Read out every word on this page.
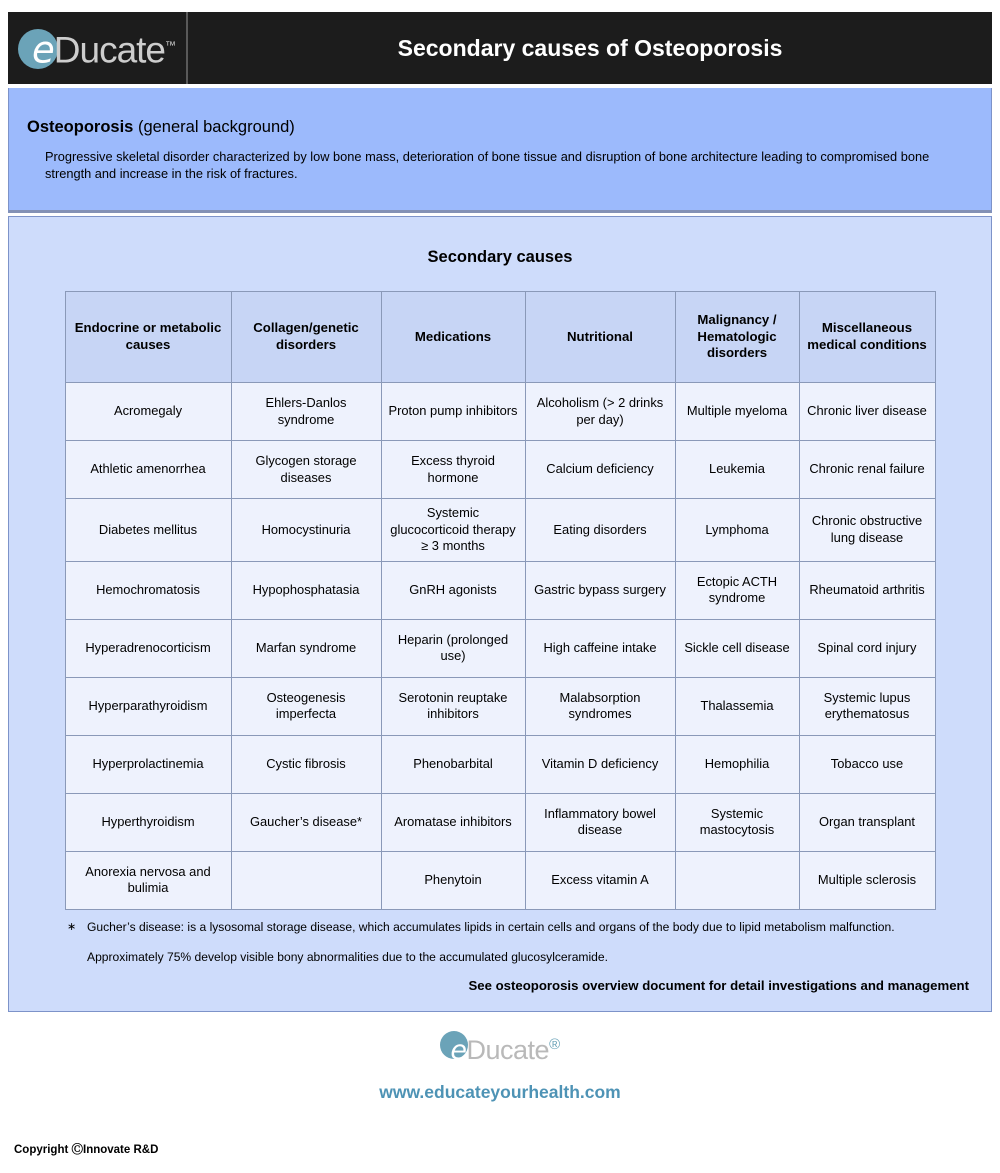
eDucate™	Secondary causes of Osteoporosis
Osteoporosis (general background)
Progressive skeletal disorder characterized by low bone mass, deterioration of bone tissue and disruption of bone architecture leading to compromised bone strength and increase in the risk of fractures.
Secondary causes
Endocrine or metabolic causes	Collagen/genetic disorders	Medications	Nutritional	Malignancy / Hematologic disorders	Miscellaneous medical conditions
Acromegaly	Ehlers-Danlos syndrome	Proton pump inhibitors	Alcoholism (> 2 drinks per day)	Multiple myeloma	Chronic liver disease
Athletic amenorrhea	Glycogen storage diseases	Excess thyroid hormone	Calcium deficiency	Leukemia	Chronic renal failure
Diabetes mellitus	Homocystinuria	Systemic glucocorticoid therapy ≥ 3 months	Eating disorders	Lymphoma	Chronic obstructive lung disease
Hemochromatosis	Hypophosphatasia	GnRH agonists	Gastric bypass surgery	Ectopic ACTH syndrome	Rheumatoid arthritis
Hyperadrenocorticism	Marfan syndrome	Heparin (prolonged use)	High caffeine intake	Sickle cell disease	Spinal cord injury
Hyperparathyroidism	Osteogenesis imperfecta	Serotonin reuptake inhibitors	Malabsorption syndromes	Thalassemia	Systemic lupus erythematosus
Hyperprolactinemia	Cystic fibrosis	Phenobarbital	Vitamin D deficiency	Hemophilia	Tobacco use
Hyperthyroidism	Gaucher’s disease*	Aromatase inhibitors	Inflammatory bowel disease	Systemic mastocytosis	Organ transplant
Anorexia nervosa and bulimia		Phenytoin	Excess vitamin A		Multiple sclerosis
∗ Gucher’s disease: is a lysosomal storage disease, which accumulates lipids in certain cells and organs of the body due to lipid metabolism malfunction.
Approximately 75% develop visible bony abnormalities due to the accumulated glucosylceramide.
See osteoporosis overview document for detail investigations and management
eDucate®
www.educateyourhealth.com
Copyright ⒸInnovate R&D
